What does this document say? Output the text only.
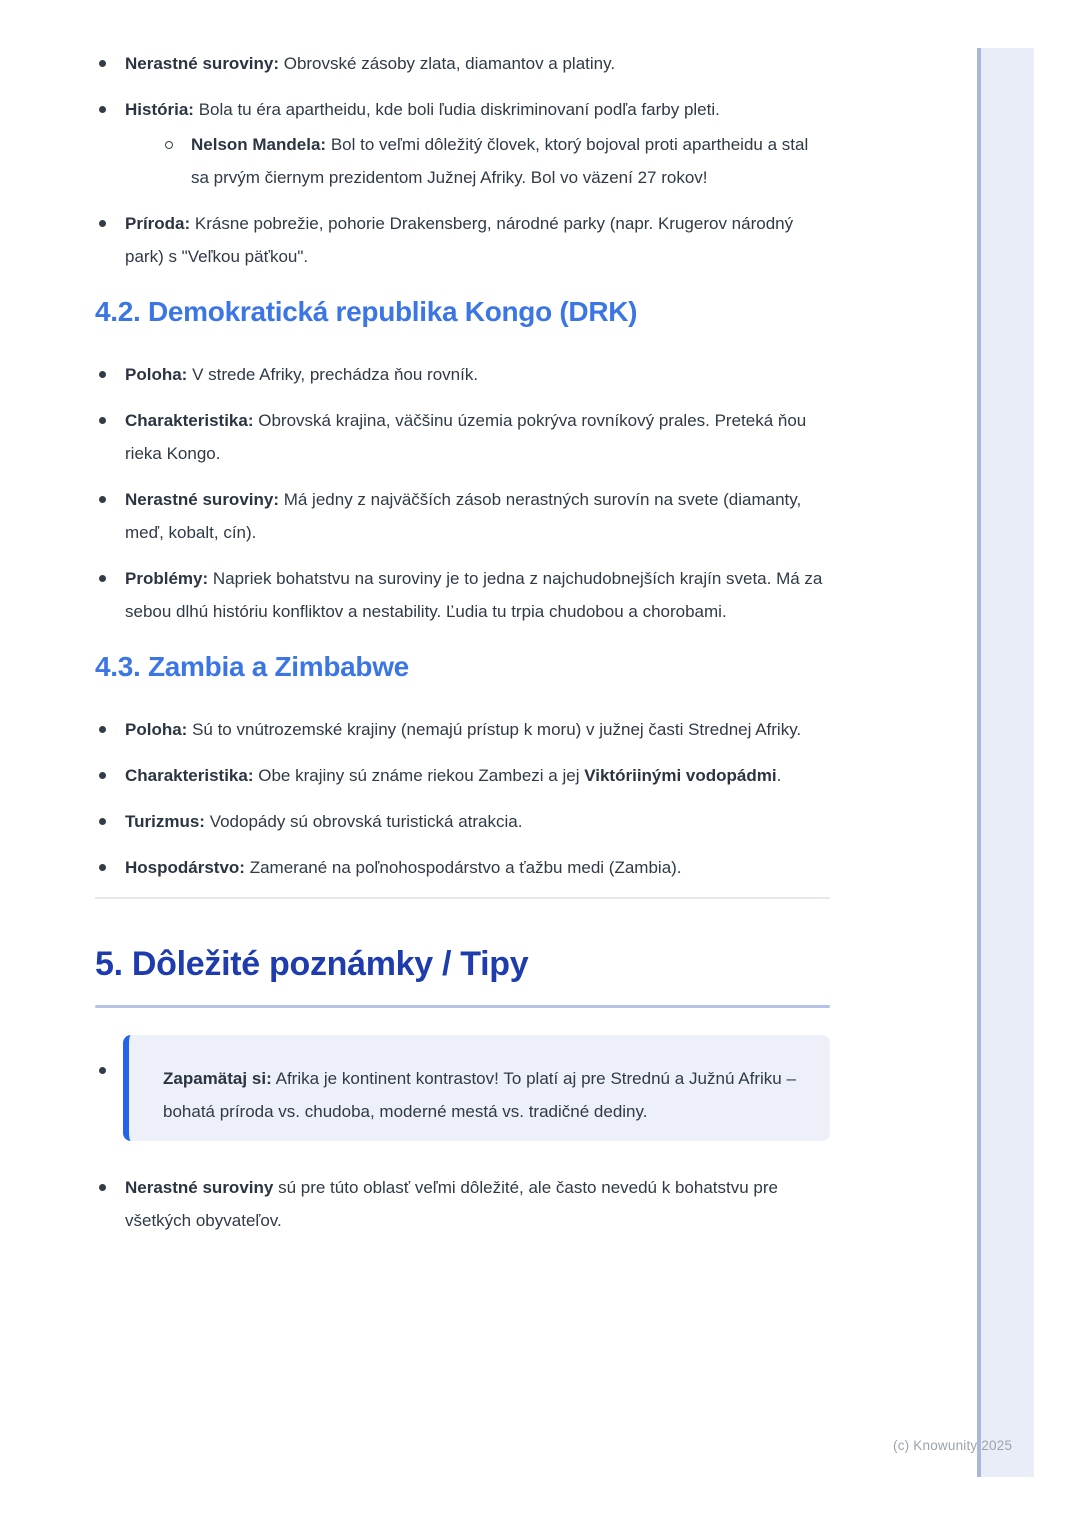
Nerastné suroviny: Obrovské zásoby zlata, diamantov a platiny.
História: Bola tu éra apartheidu, kde boli ľudia diskriminovaní podľa farby pleti.
Nelson Mandela: Bol to veľmi dôležitý človek, ktorý bojoval proti apartheidu a stal sa prvým čiernym prezidentom Južnej Afriky. Bol vo väzení 27 rokov!
Príroda: Krásne pobrežie, pohorie Drakensberg, národné parky (napr. Krugerov národný park) s "Veľkou päťkou".
4.2. Demokratická republika Kongo (DRK)
Poloha: V strede Afriky, prechádza ňou rovník.
Charakteristika: Obrovská krajina, väčšinu územia pokrýva rovníkový prales. Preteká ňou rieka Kongo.
Nerastné suroviny: Má jedny z najväčších zásob nerastných surovín na svete (diamanty, meď, kobalt, cín).
Problémy: Napriek bohatstvu na suroviny je to jedna z najchudobnejších krajín sveta. Má za sebou dlhú históriu konfliktov a nestability. Ľudia tu trpia chudobou a chorobami.
4.3. Zambia a Zimbabwe
Poloha: Sú to vnútrozemské krajiny (nemajú prístup k moru) v južnej časti Strednej Afriky.
Charakteristika: Obe krajiny sú známe riekou Zambezi a jej Viktóriinými vodopádmi.
Turizmus: Vodopády sú obrovská turistická atrakcia.
Hospodárstvo: Zamerané na poľnohospodárstvo a ťažbu medi (Zambia).
5. Dôležité poznámky / Tipy
Zapamätaj si: Afrika je kontinent kontrastov! To platí aj pre Strednú a Južnú Afriku – bohatá príroda vs. chudoba, moderné mestá vs. tradičné dediny.
Nerastné suroviny sú pre túto oblasť veľmi dôležité, ale často nevedú k bohatstvu pre všetkých obyvateľov.
(c) Knowunity 2025
